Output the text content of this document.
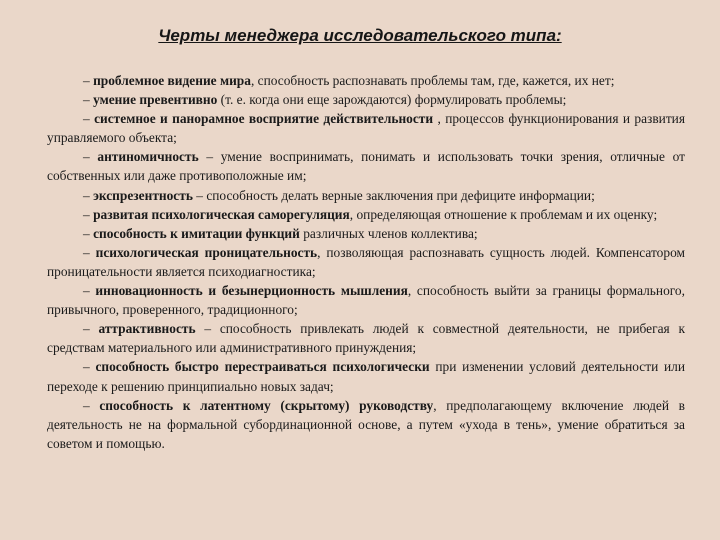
Черты менеджера исследовательского типа:

– проблемное видение мира, способность распознавать проблемы там, где, кажется, их нет;

– умение превентивно (т. е. когда они еще зарождаются) формулировать проблемы;

– системное и панорамное восприятие действительности , процессов функционирования и развития управляемого объекта;

– антиномичность – умение воспринимать, понимать и использовать точки зрения, отличные от собственных или даже противоположные им;

– экспрезентность – способность делать верные заключения при дефиците информации;

– развитая психологическая саморегуляция, определяющая отношение к проблемам и их оценку;

– способность к имитации функций различных членов коллектива;

– психологическая проницательность, позволяющая распознавать сущность людей. Компенсатором проницательности является психодиагностика;

– инновационность и безынерционность мышления, способность выйти за границы формального, привычного, проверенного, традиционного;

– аттрактивность – способность привлекать людей к совместной деятельности, не прибегая к средствам материального или административного принуждения;

– способность быстро перестраиваться психологически при изменении условий деятельности или переходе к решению принципиально новых задач;

– способность к латентному (скрытому) руководству, предполагающему включение людей в деятельность не на формальной субординационной основе, а путем «ухода в тень», умение обратиться за советом и помощью.
